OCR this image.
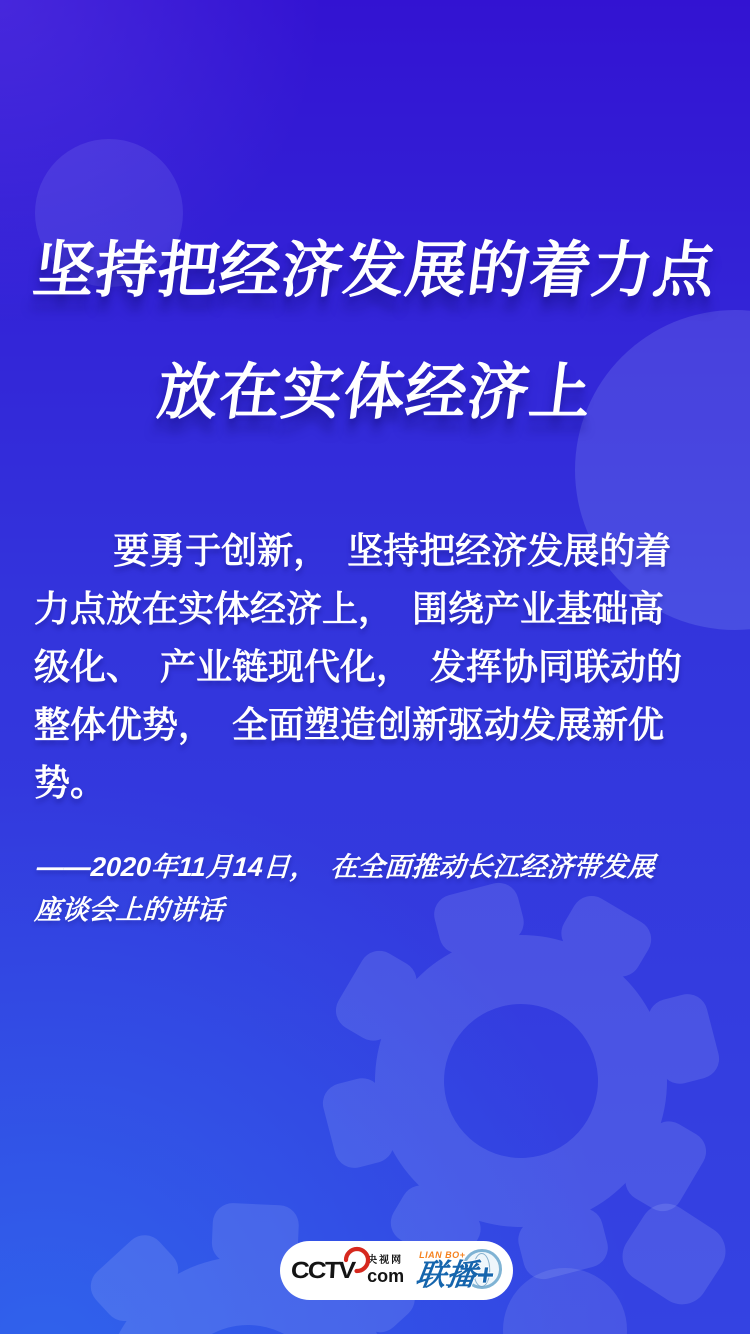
坚持把经济发展的着力点
放在实体经济上
要勇于创新，　坚持把经济发展的着
力点放在实体经济上，　围绕产业基础高
级化、　产业链现代化，　发挥协同联动的
整体优势，　全面塑造创新驱动发展新优
势。
——2020年11月14日，　在全面推动长江经济带发展
座谈会上的讲话
CCTV 央视网
com
LIAN BO+
联播+
